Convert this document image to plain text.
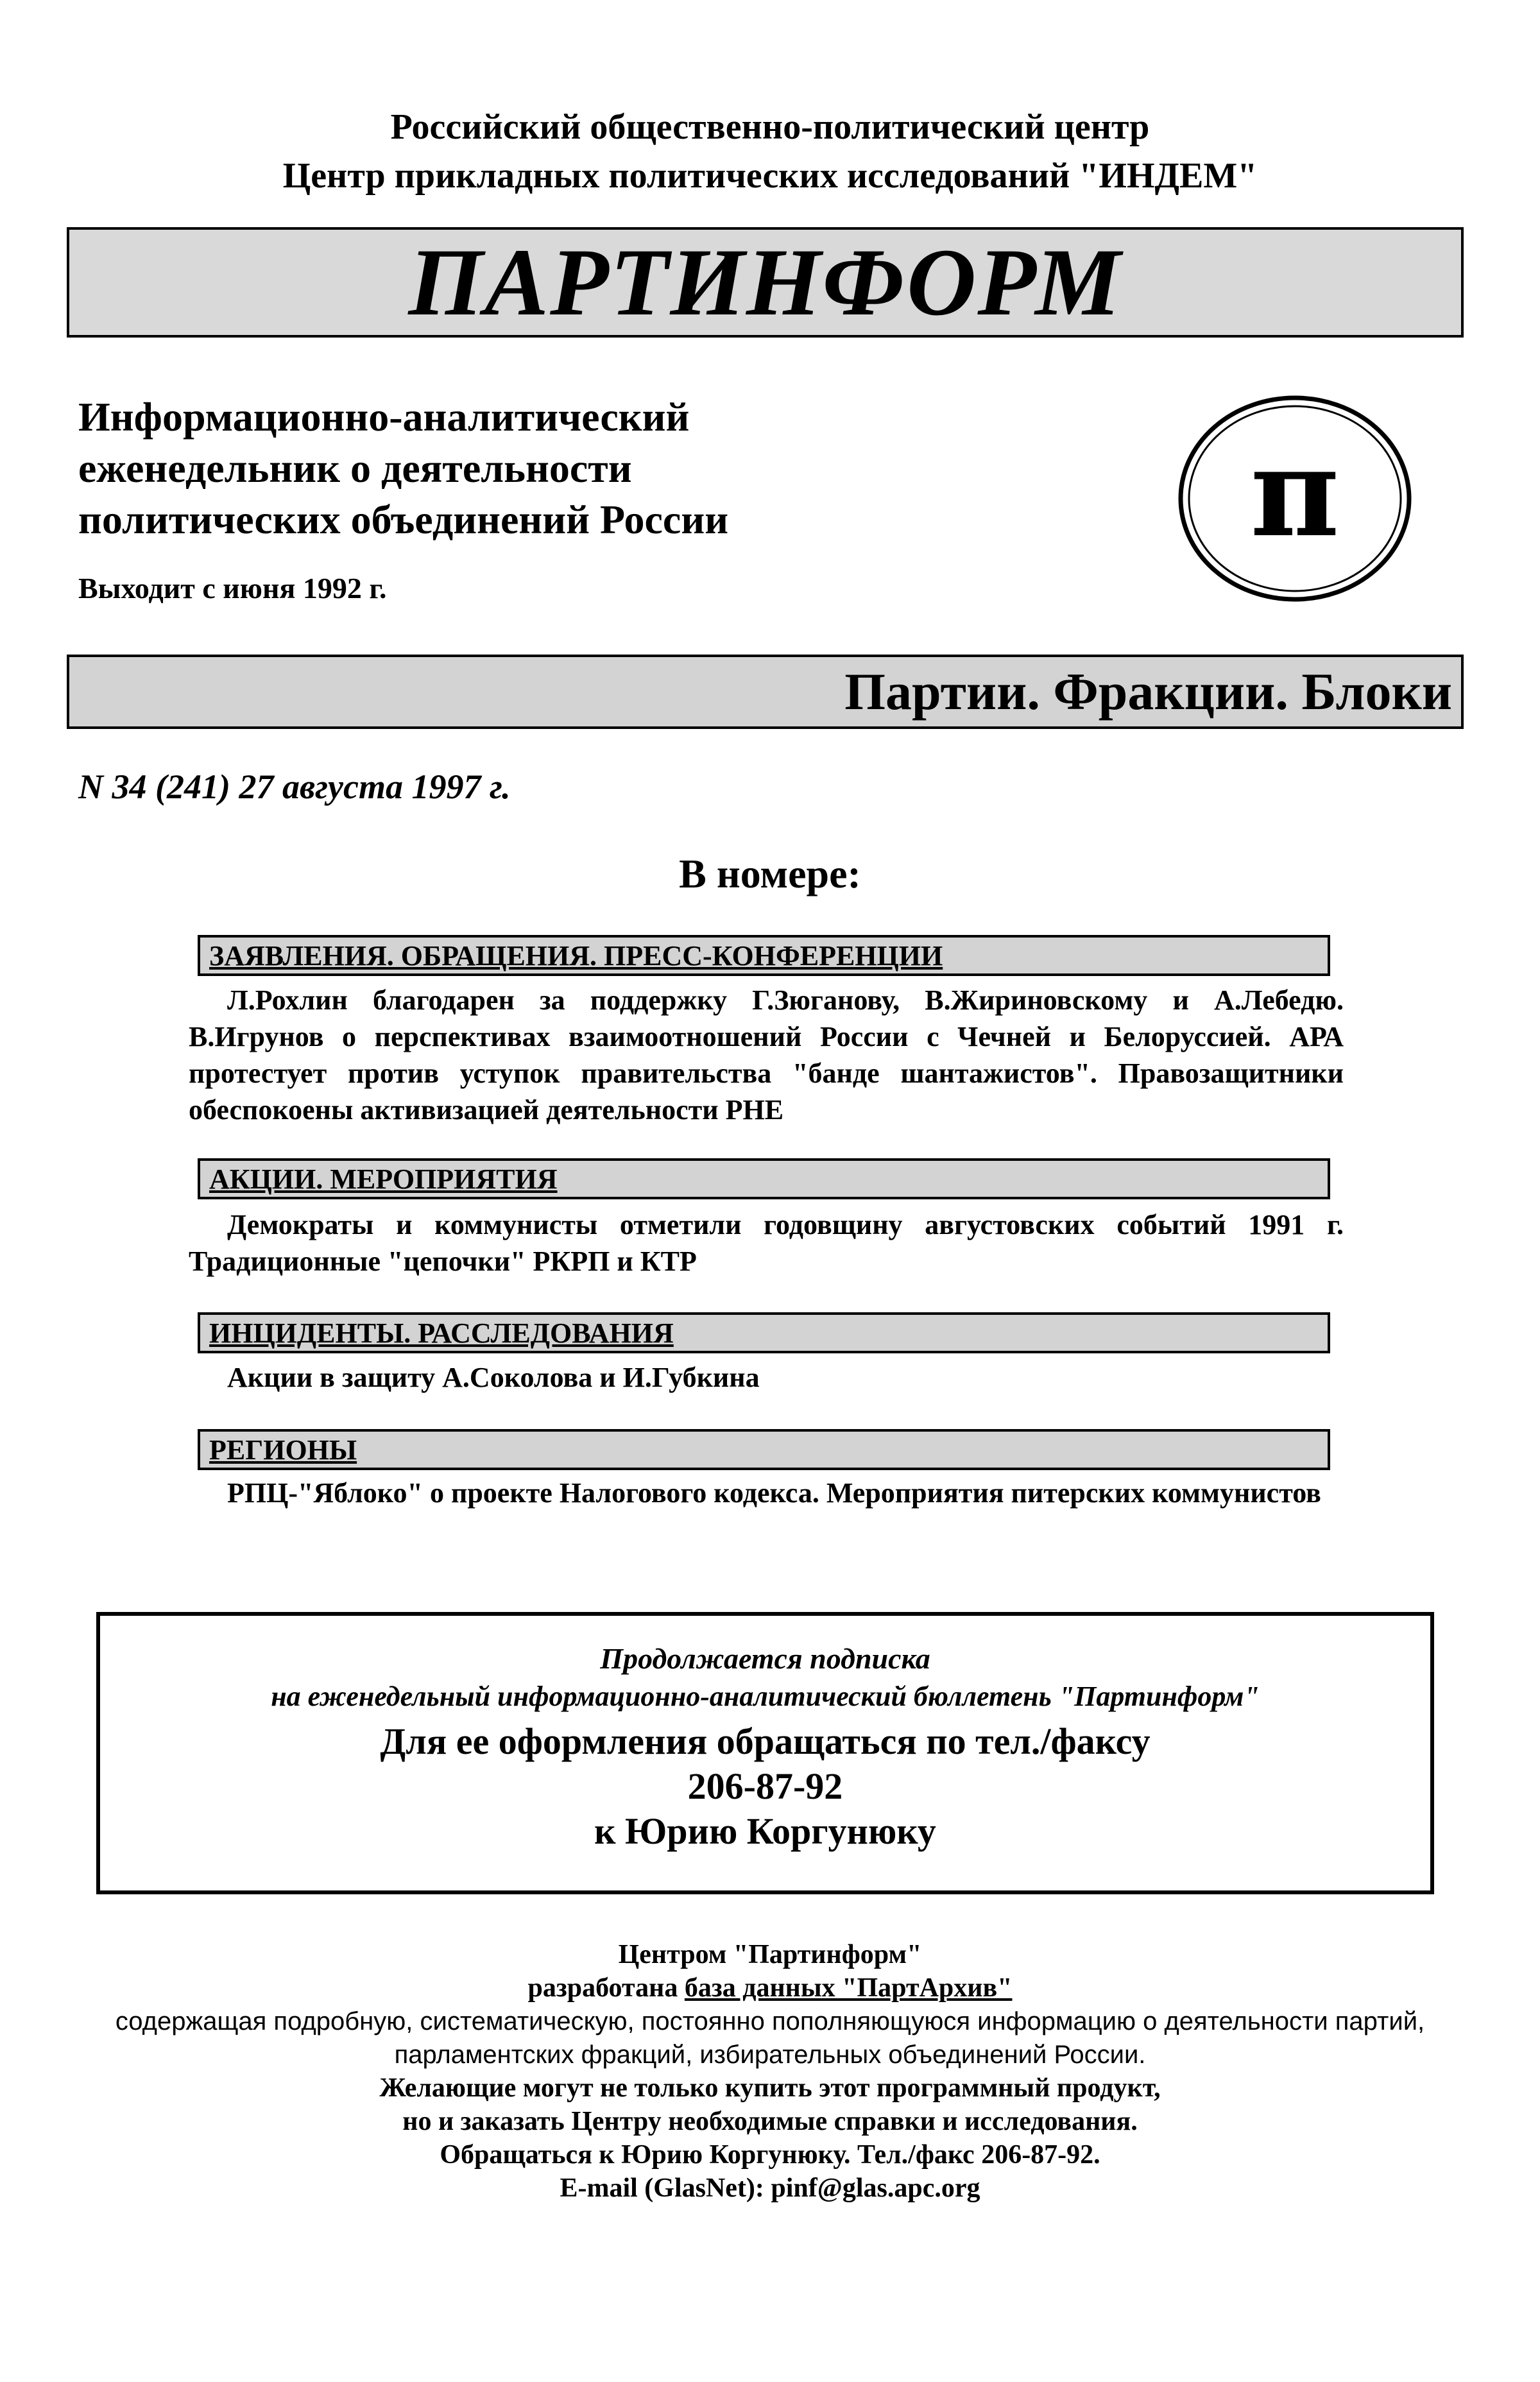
Российский общественно-политический центр
Центр прикладных политических исследований "ИНДЕМ"
ПАРТИНФОРМ
Информационно-аналитический
еженедельник о деятельности
политических объединений России
Выходит с июня 1992 г.
π
Партии. Фракции. Блоки
N 34 (241) 27 августа 1997 г.
В номере:
ЗАЯВЛЕНИЯ. ОБРАЩЕНИЯ. ПРЕСС-КОНФЕРЕНЦИИ
Л.Рохлин благодарен за поддержку Г.Зюганову, В.Жириновскому и А.Лебедю. В.Игрунов о перспективах взаимоотношений России с Чечней и Белоруссией. АРА протестует против уступок правительства "банде шантажистов". Правозащитники обеспокоены активизацией деятельности РНЕ
АКЦИИ. МЕРОПРИЯТИЯ
Демократы и коммунисты отметили годовщину августовских событий 1991 г. Традиционные "цепочки" РКРП и КТР
ИНЦИДЕНТЫ. РАССЛЕДОВАНИЯ
Акции в защиту А.Соколова и И.Губкина
РЕГИОНЫ
РПЦ-"Яблоко" о проекте Налогового кодекса. Мероприятия питерских коммунистов
Продолжается подписка
на еженедельный информационно-аналитический бюллетень "Партинформ"
Для ее оформления обращаться по тел./факсу
206-87-92
к Юрию Коргунюку
Центром "Партинформ"
разработана база данных "ПартАрхив"
содержащая подробную, систематическую, постоянно пополняющуюся информацию о деятельности партий,
парламентских фракций, избирательных объединений России.
Желающие могут не только купить этот программный продукт,
но и заказать Центру необходимые справки и исследования.
Обращаться к Юрию Коргунюку. Тел./факс 206-87-92.
E-mail (GlasNet): pinf@glas.apc.org
